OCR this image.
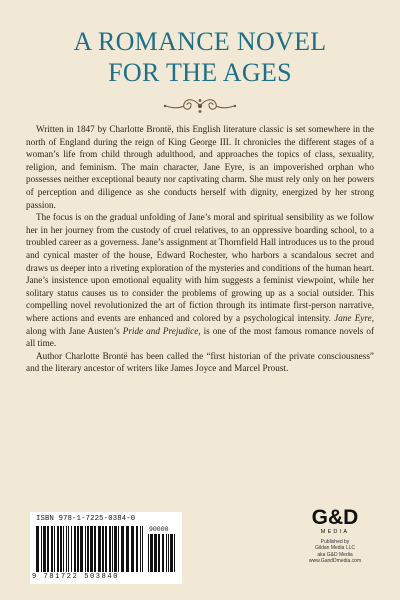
A ROMANCE NOVEL
FOR THE AGES

Written in 1847 by Charlotte Brontë, this English literature classic is set somewhere in the north of England during the reign of King George III. It chronicles the different stages of a woman’s life from child through adulthood, and approaches the topics of class, sexuality, religion, and feminism. The main character, Jane Eyre, is an impoverished orphan who possesses neither exceptional beauty nor captivating charm. She must rely only on her powers of perception and diligence as she conducts herself with dignity, energized by her strong passion.

The focus is on the gradual unfolding of Jane’s moral and spiritual sensibility as we follow her in her journey from the custody of cruel relatives, to an oppressive boarding school, to a troubled career as a governess. Jane’s assignment at Thornfield Hall introduces us to the proud and cynical master of the house, Edward Rochester, who harbors a scandalous secret and draws us deeper into a riveting exploration of the mysteries and conditions of the human heart. Jane’s insistence upon emotional equality with him suggests a feminist viewpoint, while her solitary status causes us to consider the problems of growing up as a social outsider. This compelling novel revolutionized the art of fiction through its intimate first-person narrative, where actions and events are enhanced and colored by a psychological intensity. Jane Eyre, along with Jane Austen’s Pride and Prejudice, is one of the most famous romance novels of all time.

Author Charlotte Brontë has been called the “first historian of the private consciousness” and the literary ancestor of writers like James Joyce and Marcel Proust.

ISBN 978-1-7225-0384-0
90000
9 781722 503840
G&D
MEDIA
Published by
Gildan Media LLC
aka G&D Media
www.GandDmedia.com
